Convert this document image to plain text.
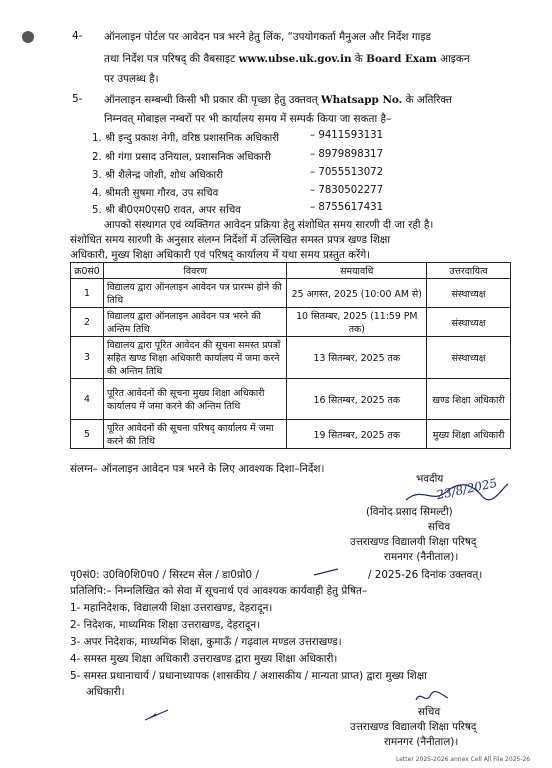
4- ऑनलाइन पोर्टल पर आवेदन पत्र भरने हेतु लिंक, “उपयोगकर्ता मैनुअल और निर्देश गाइड
तथा निर्देश पत्र परिषद् की वैबसाइट www.ubse.uk.gov.in के Board Exam आइकन
पर उपलब्ध है।
5- ऑनलाइन सम्बन्धी किसी भी प्रकार की पृच्छा हेतु उक्तवत् Whatsapp No. के अतिरिक्त
निम्नवत् मोबाइल नम्बरों पर भी कार्यालय समय में सम्पर्क किया जा सकता है–
1. श्री इन्दु प्रकाश नेगी, वरिष्ठ प्रशासनिक अधिकारी	– 9411593131
2. श्री गंगा प्रसाद उनियाल, प्रशासनिक अधिकारी	– 8979898317
3. श्री शैलेन्द्र जोशी, शोध अधिकारी	– 7055513072
4. श्रीमती सुषमा गौरव, उप सचिव	– 7830502277
5. श्री बी0एम0एस0 रावत, अपर सचिव	– 8755617431
आपको संस्थागत एवं व्यक्तिगत आवेदन प्रक्रिया हेतु संशोधित समय सारणी दी जा रही है।
संशोधित समय सारणी के अनुसार संलग्न निर्देशों में उल्लिखित समस्त प्रपत्र खण्ड शिक्षा
अधिकारी, मुख्य शिक्षा अधिकारी एवं परिषद् कार्यालय में यथा समय प्रस्तुत करेंगे।
क्र0सं0	विवरण	समयावधि	उत्तरदायित्व
1	विद्यालय द्वारा ऑनलाइन आवेदन पत्र प्रारम्भ होने की तिथि	25 अगस्त, 2025 (10:00 AM से)	संस्थाध्यक्ष
2	विद्यालय द्वारा ऑनलाइन आवेदन पत्र भरने की अन्तिम तिथि	10 सितम्बर, 2025 (11:59 PM तक)	संस्थाध्यक्ष
3	विद्यालय द्वारा पूरित आवेदन की सूचना समस्त प्रपत्रों सहित खण्ड शिक्षा अधिकारी कार्यालय में जमा करने की अन्तिम तिथि	13 सितम्बर, 2025 तक	संस्थाध्यक्ष
4	पूरित आवेदनों की सूचना मुख्य शिक्षा अधिकारी कार्यालय में जमा करने की अन्तिम तिथि	16 सितम्बर, 2025 तक	खण्ड शिक्षा अधिकारी
5	पूरित आवेदनों की सूचना परिषद् कार्यालय में जमा करने की तिथि	19 सितम्बर, 2025 तक	मुख्य शिक्षा अधिकारी
संलग्न– ऑनलाइन आवेदन पत्र भरने के लिए आवश्यक दिशा–निर्देश।
भवदीय
23/8/2025
(विनोद प्रसाद सिमल्टी)
सचिव
उत्तराखण्ड विद्यालयी शिक्षा परिषद्
रामनगर (नैनीताल)।
पृ0सं0: उ0वि0शि0प0 / सिस्टम सेल / डा0प्रो0 /	/ 2025-26 दिनांक उक्तवत्।
प्रतिलिपि:– निम्नलिखित को सेवा में सूचनार्थ एवं आवश्यक कार्यवाही हेतु प्रेषित–
1- महानिदेशक, विद्यालयी शिक्षा उत्तराखण्ड, देहरादून।
2- निदेशक, माध्यमिक शिक्षा उत्तराखण्ड, देहरादून।
3- अपर निदेशक, माध्यमिक शिक्षा, कुमाऊँ / गढ़वाल मण्डल उत्तराखण्ड।
4- समस्त मुख्य शिक्षा अधिकारी उत्तराखण्ड द्वारा मुख्य शिक्षा अधिकारी।
5- समस्त प्रधानाचार्य / प्रधानाध्यापक (शासकीय / अशासकीय / मान्यता प्राप्त) द्वारा मुख्य शिक्षा
अधिकारी।
सचिव
उत्तराखण्ड विद्यालयी शिक्षा परिषद्
रामनगर (नैनीताल)।
Letter 2025-2026 annex Cell All File 2025-26
